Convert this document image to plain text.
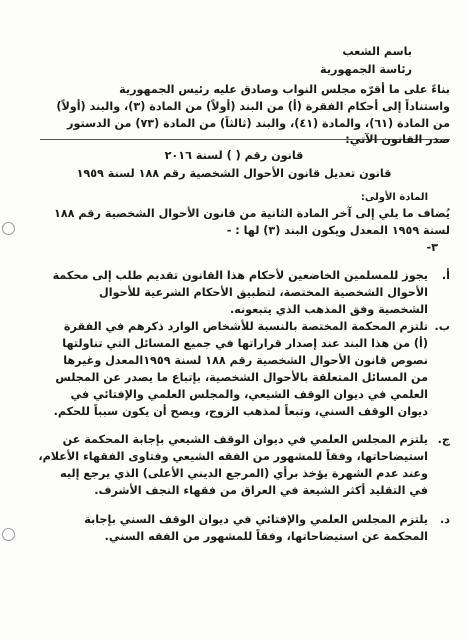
باسم الشعب
رئاسة الجمهورية
بناءً على ما أقرّه مجلس النواب وصادق عليه رئيس الجمهورية
واستناداً إلى أحكام الفقرة (أ) من البند (أولاً) من المادة (٣)، والبند (أولاً)
من المادة (٦١)، والمادة (٤١)، والبند (ثالثاً) من المادة (٧٣) من الدستور
صدر القانون الآتي:
قانون رقم ( ) لسنة ٢٠١٦
قانون تعديل قانون الأحوال الشخصية رقم ١٨٨ لسنة ١٩٥٩
المادة الأولى:
يُضاف ما يلي إلى آخر المادة الثانية من قانون الأحوال الشخصية رقم ١٨٨
لسنة ١٩٥٩ المعدل ويكون البند (٣) لها : -
٣-
أ.
يجوز للمسلمين الخاضعين لأحكام هذا القانون تقديم طلب إلى محكمة
الأحوال الشخصية المختصة، لتطبيق الأحكام الشرعية للأحوال
الشخصية وفق المذهب الذي يتبعونه.
ب.
تلتزم المحكمة المختصة بالنسبة للأشخاص الوارد ذكرهم في الفقرة
(أ) من هذا البند عند إصدار قراراتها في جميع المسائل التي تناولتها
نصوص قانون الأحوال الشخصية رقم ١٨٨ لسنة ١٩٥٩المعدل وغيرها
من المسائل المتعلقة بالأحوال الشخصية، بإتباع ما يصدر عن المجلس
العلمي في ديوان الوقف الشيعي، والمجلس العلمي والإفتائي في
ديوان الوقف السني، وتبعاً لمذهب الزوج، ويصح أن يكون سبباً للحكم.
ج.
يلتزم المجلس العلمي في ديوان الوقف الشيعي بإجابة المحكمة عن
استيضاحاتها، وفقاً للمشهور من الفقه الشيعي وفتاوى الفقهاء الأعلام،
وعند عدم الشهرة يؤخذ برأي (المرجع الديني الأعلى) الذي يرجع إليه
في التقليد أكثر الشيعة في العراق من فقهاء النجف الأشرف.
د.
يلتزم المجلس العلمي والإفتائي في ديوان الوقف السني بإجابة
المحكمة عن استيضاحاتها، وفقاً للمشهور من الفقه السني.
